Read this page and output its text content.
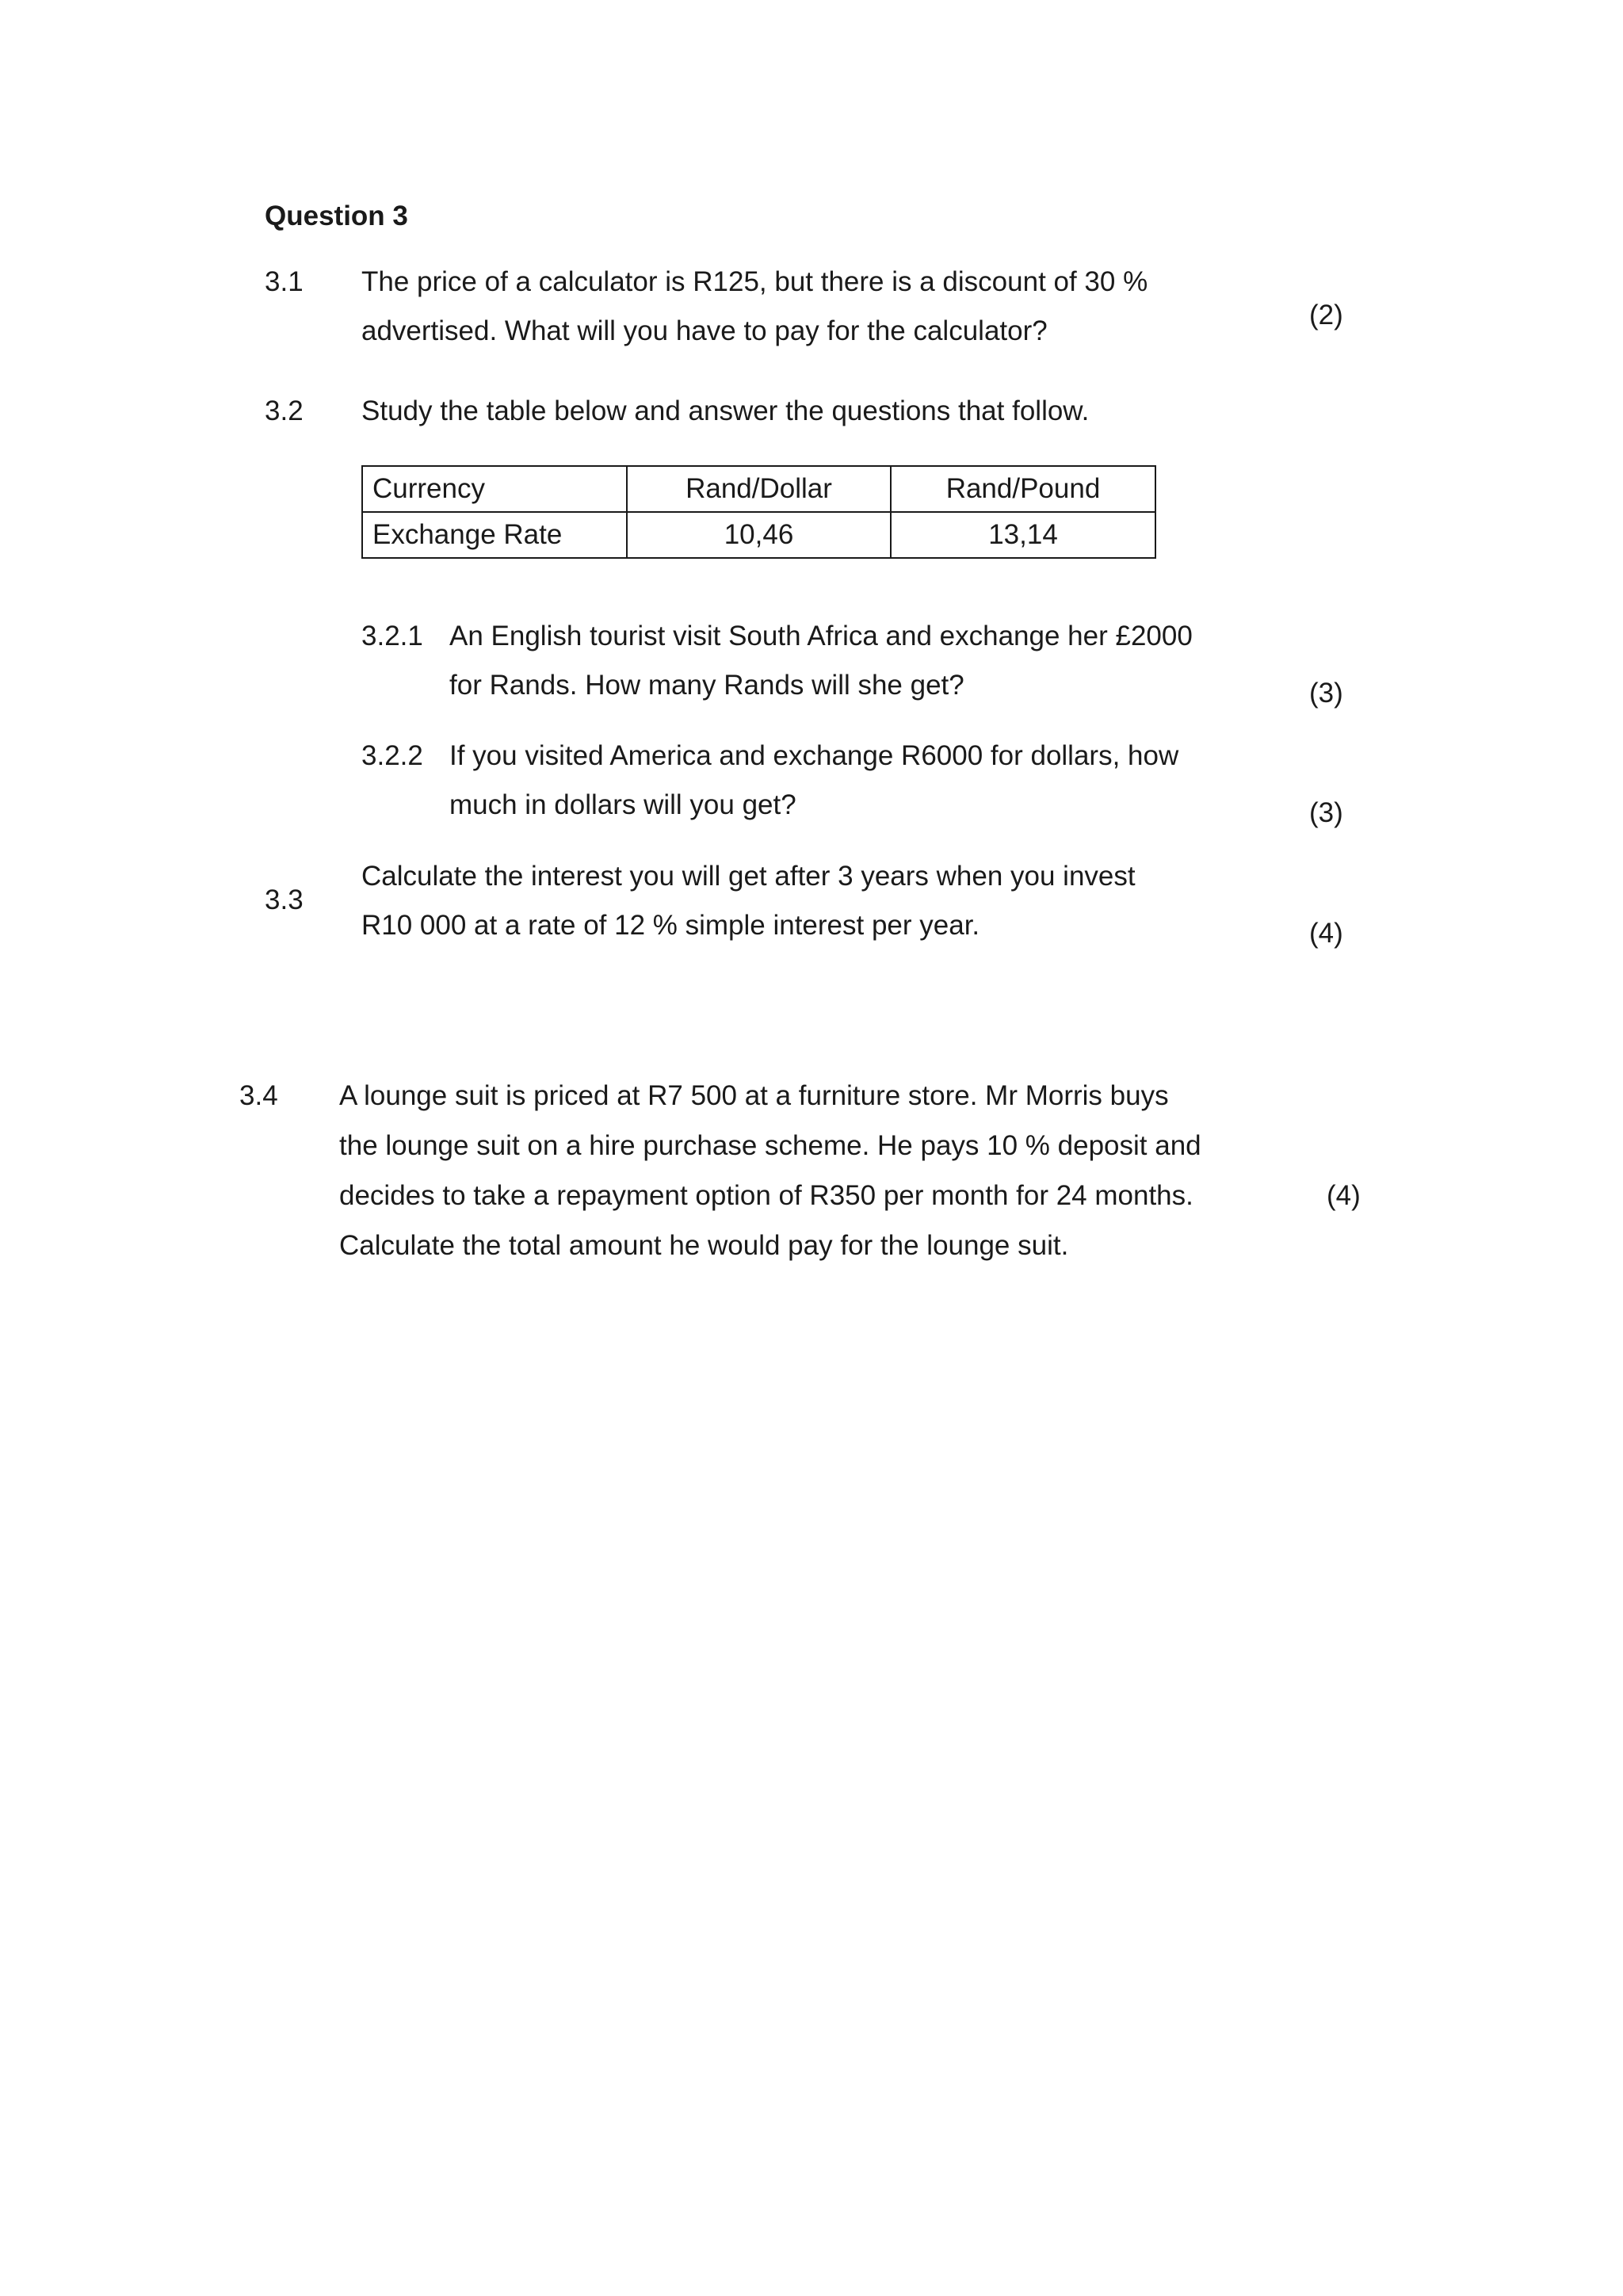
Question 3
3.1 The price of a calculator is R125, but there is a discount of 30 %
advertised. What will you have to pay for the calculator?
(2)
3.2 Study the table below and answer the questions that follow.
Currency	Rand/Dollar	Rand/Pound
Exchange Rate	10,46	13,14
3.2.1 An English tourist visit South Africa and exchange her £2000
for Rands. How many Rands will she get?	(3)
3.2.2 If you visited America and exchange R6000 for dollars, how
much in dollars will you get?	(3)
3.3
Calculate the interest you will get after 3 years when you invest
R10 000 at a rate of 12 % simple interest per year.	(4)
3.4 A lounge suit is priced at R7 500 at a furniture store. Mr Morris buys
the lounge suit on a hire purchase scheme. He pays 10 % deposit and
decides to take a repayment option of R350 per month for 24 months.
Calculate the total amount he would pay for the lounge suit.
(4)
